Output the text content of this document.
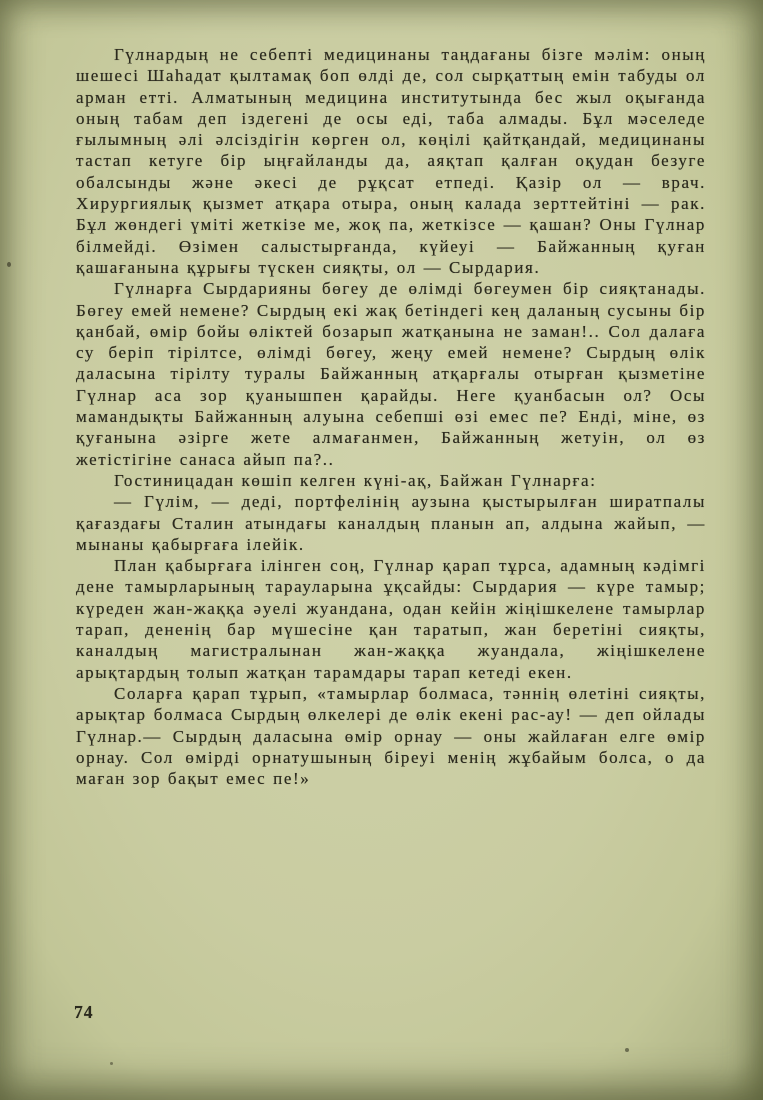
Гүлнардың не себепті медицинаны таңдағаны бізге мәлім: оның шешесі Шаһадат қылтамақ боп өлді де, сол сырқаттың емін табуды ол арман етті. Алматының медицина институтында бес жыл оқығанда оның табам деп іздегені де осы еді, таба алмады. Бұл мәселеде ғылымның әлі әлсіздігін көрген ол, көңілі қайтқандай, медицинаны тастап кетуге бір ыңғайланды да, аяқтап қалған оқудан безуге обалсынды және әкесі де рұқсат етпеді. Қазір ол — врач. Хирургиялық қызмет атқара отыра, оның калада зерттейтіні — рак. Бұл жөндегі үміті жеткізе ме, жоқ па, жеткізсе — қашан? Оны Гүлнар білмейді. Өзімен салыстырғанда, күйеуі — Байжанның қуған қашағанына құрығы түскен сияқты, ол — Сырдария.

Гүлнарға Сырдарияны бөгеу де өлімді бөгеумен бір сияқтанады. Бөгеу емей немене? Сырдың екі жақ бетіндегі кең даланың сусыны бір қанбай, өмір бойы өліктей бозарып жатқанына не заман!.. Сол далаға су беріп тірілтсе, өлімді бөгеу, жеңу емей немене? Сырдың өлік даласына тірілту туралы Байжанның атқарғалы отырған қызметіне Гүлнар аса зор қуанышпен қарайды. Неге қуанбасын ол? Осы мамандықты Байжанның алуына себепші өзі емес пе? Енді, міне, өз қуғанына әзірге жете алмағанмен, Байжанның жетуін, ол өз жетістігіне санаса айып па?..

Гостиницадан көшіп келген күні-ақ, Байжан Гүлнарға:

— Гүлім, — деді, портфелінің аузына қыстырылған ширатпалы қағаздағы Сталин атындағы каналдың планын ап, алдына жайып, — мынаны қабырғаға ілейік.

План қабырғаға ілінген соң, Гүлнар қарап тұрса, адамның кәдімгі дене тамырларының тарауларына ұқсайды: Сырдария — күре тамыр; күреден жан-жаққа әуелі жуандана, одан кейін жіңішкелене тамырлар тарап, дененің бар мүшесіне қан таратып, жан беретіні сияқты, каналдың магистралынан жан-жаққа жуандала, жіңішкелене арықтардың толып жатқан тарамдары тарап кетеді екен.

Соларға қарап тұрып, «тамырлар болмаса, тәннің өлетіні сияқты, арықтар болмаса Сырдың өлкелері де өлік екені рас-ау! — деп ойлады Гүлнар.— Сырдың даласына өмір орнау — оны жайлаған елге өмір орнау. Сол өмірді орнатушының біреуі менің жұбайым болса, о да маған зор бақыт емес пе!»

74
